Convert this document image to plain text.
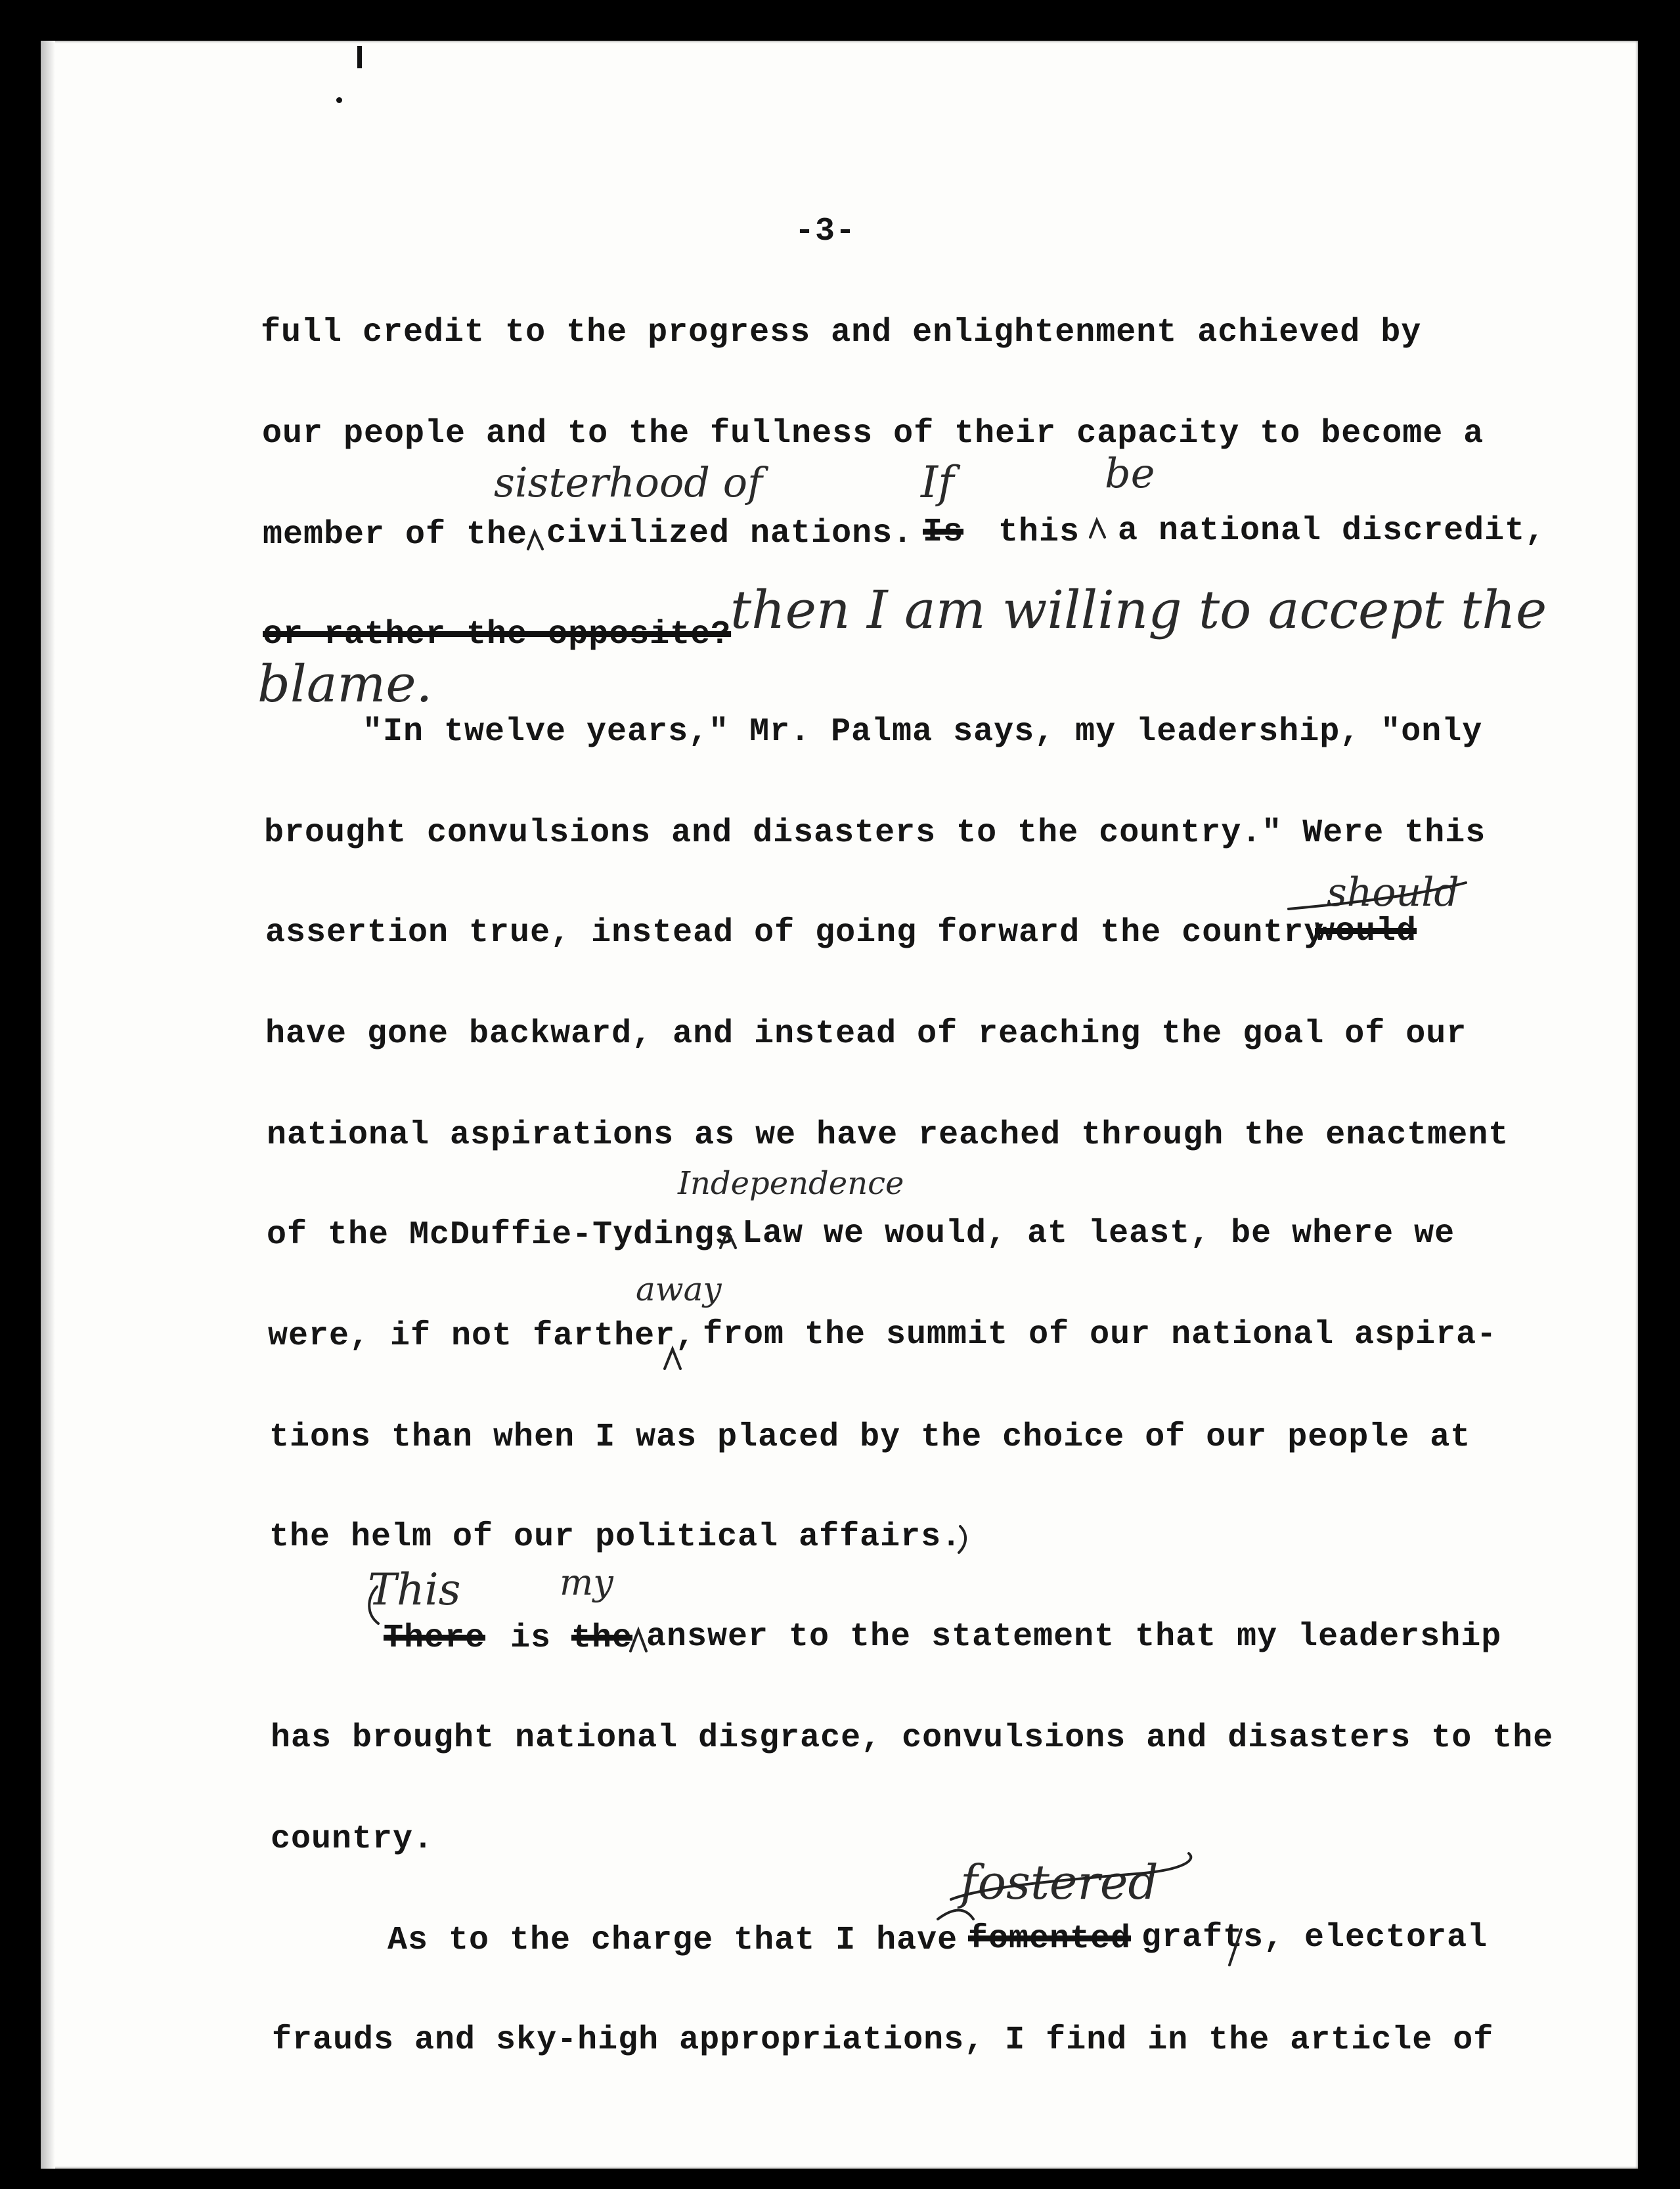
-3-
full credit to the progress and enlightenment achieved by
our people and to the fullness of their capacity to become a
member of the civilized nations. Is this a national discredit,
or rather the opposite?
then I am willing to accept the
blame.
"In twelve years," Mr. Palma says, my leadership, "only
brought convulsions and disasters to the country." Were this
assertion true, instead of going forward the country
would
have gone backward, and instead of reaching the goal of our
national aspirations as we have reached through the enactment
of the McDuffie-Tydings Law we would, at least, be where we
were, if not farther, from the summit of our national aspira-
tions than when I was placed by the choice of our people at
the helm of our political affairs.
There is the answer to the statement that my leadership
has brought national disgrace, convulsions and disasters to the
country.
As to the charge that I have fomented grafts, electoral
frauds and sky-high appropriations, I find in the article of
sisterhood of	If	be
should
Independence
away
This	my
fostered
